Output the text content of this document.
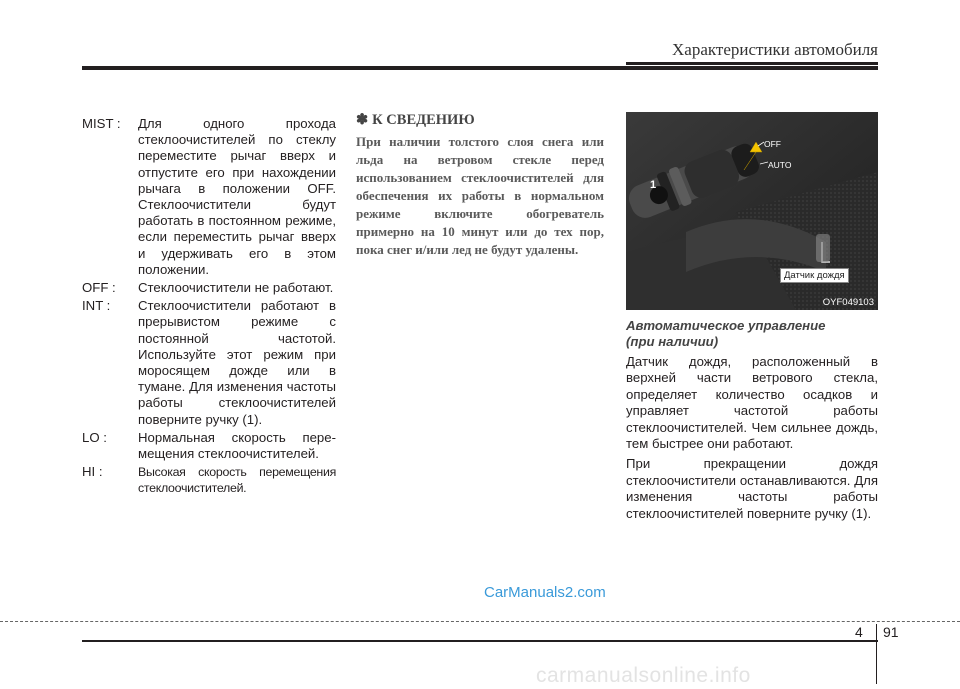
Характеристики автомобиля
MIST :	Для одного прохода стеклоочистителей по стеклу переместите рычаг вверх и отпустите его при нахождении рычага в положении OFF. Стеклоочистители будут работать в постоянном режиме, если переместить рычаг вверх и удерживать его в этом положении.
OFF :	Стеклоочистители не работают.
INT :	Стеклоочистители работают в прерывистом режиме с постоянной частотой. Используйте этот режим при моросящем дожде или в тумане. Для изменения частоты работы стеклоочистителей поверните ручку (1).
LO :	Нормальная скорость пере-мещения стеклоочистителей.
HI :	Высокая скорость перемещения стеклоочистителей.
✽ К СВЕДЕНИЮ
При наличии толстого слоя снега или льда на ветровом стекле перед использованием стеклоочистителей для обеспечения их работы в нормальном режиме включите обогреватель примерно на 10 минут или до тех пор, пока снег и/или лед не будут удалены.
1
OFF
AUTO
Датчик дождя
OYF049103
Автоматическое управление
(при наличии)

Датчик дождя, расположенный в верхней части ветрового стекла, определяет количество осадков и управляет частотой работы стеклоочистителей. Чем сильнее дождь, тем быстрее они работают.

При прекращении дождя стеклоочистители останавливаются. Для изменения частоты работы стеклоочистителей поверните ручку (1).

CarManuals2.com
4 91
carmanualsonline.info
